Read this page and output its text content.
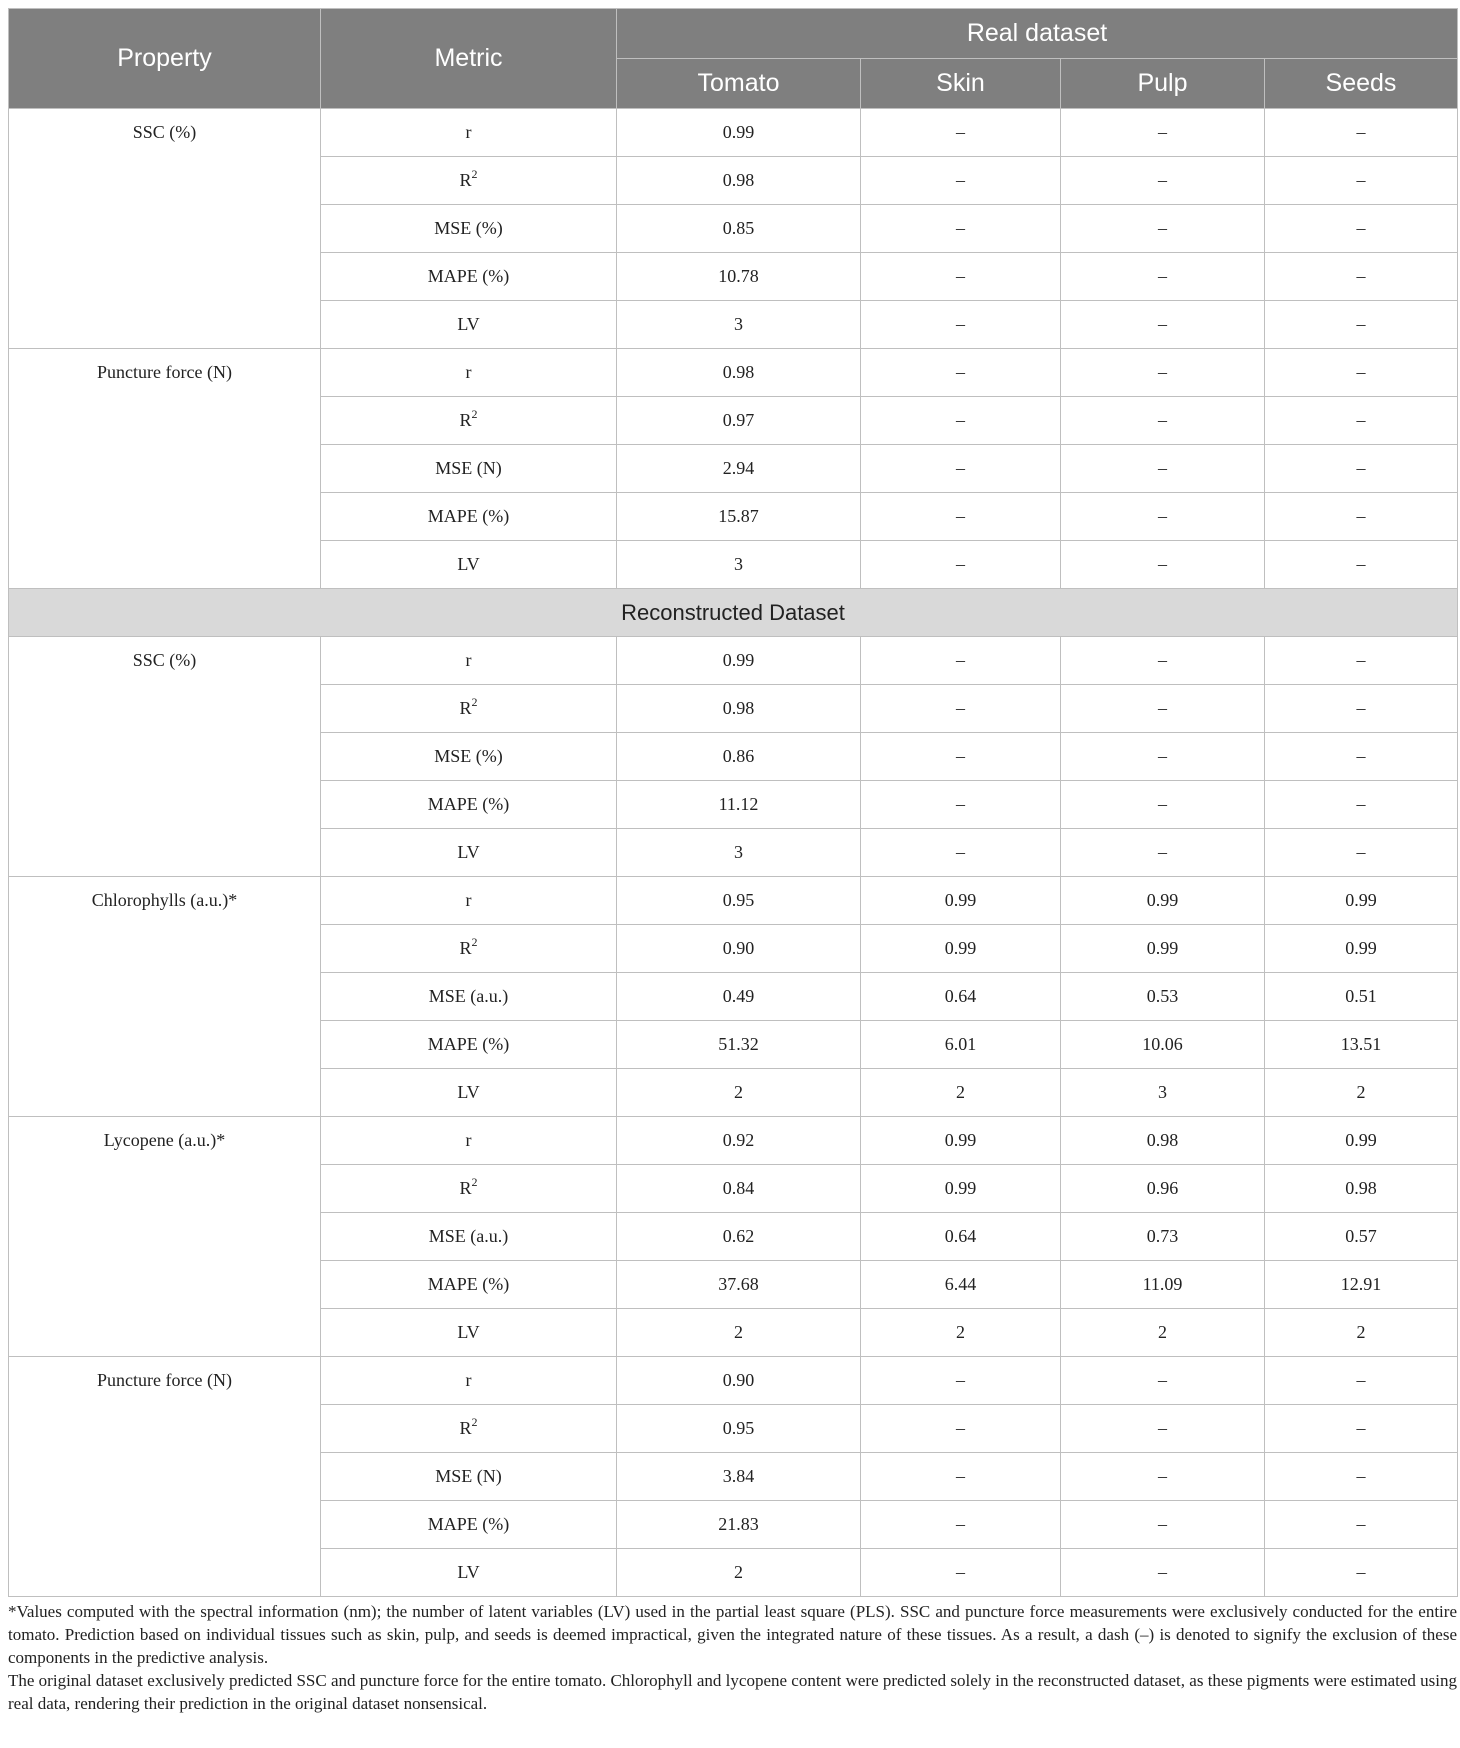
Property	Metric	Real dataset			
		Tomato	Skin	Pulp	Seeds
SSC (%)	r	0.99	–	–	–
	$R^2$	0.98	–	–	–
	MSE (%)	0.85	–	–	–
	MAPE (%)	10.78	–	–	–
	LV	3	–	–	–
Puncture force (N)	r	0.98	–	–	–
	$R^2$	0.97	–	–	–
	MSE (N)	2.94	–	–	–
	MAPE (%)	15.87	–	–	–
	LV	3	–	–	–
Reconstructed Dataset					
SSC (%)	r	0.99	–	–	–
	$R^2$	0.98	–	–	–
	MSE (%)	0.86	–	–	–
	MAPE (%)	11.12	–	–	–
	LV	3	–	–	–
Chlorophylls (a.u.)*	r	0.95	0.99	0.99	0.99
	$R^2$	0.90	0.99	0.99	0.99
	MSE (a.u.)	0.49	0.64	0.53	0.51
	MAPE (%)	51.32	6.01	10.06	13.51
	LV	2	2	3	2
Lycopene (a.u.)*	r	0.92	0.99	0.98	0.99
	$R^2$	0.84	0.99	0.96	0.98
	MSE (a.u.)	0.62	0.64	0.73	0.57
	MAPE (%)	37.68	6.44	11.09	12.91
	LV	2	2	2	2
Puncture force (N)	r	0.90	–	–	–
	$R^2$	0.95	–	–	–
	MSE (N)	3.84	–	–	–
	MAPE (%)	21.83	–	–	–
	LV	2	–	–	–

*Values computed with the spectral information (nm); the number of latent variables (LV) used in the partial least square (PLS). SSC and puncture force measurements were exclusively conducted for the entire tomato. Prediction based on individual tissues such as skin, pulp, and seeds is deemed impractical, given the integrated nature of these tissues. As a result, a dash (–) is denoted to signify the exclusion of these components in the predictive analysis.

The original dataset exclusively predicted SSC and puncture force for the entire tomato. Chlorophyll and lycopene content were predicted solely in the reconstructed dataset, as these pigments were estimated using real data, rendering their prediction in the original dataset nonsensical.
